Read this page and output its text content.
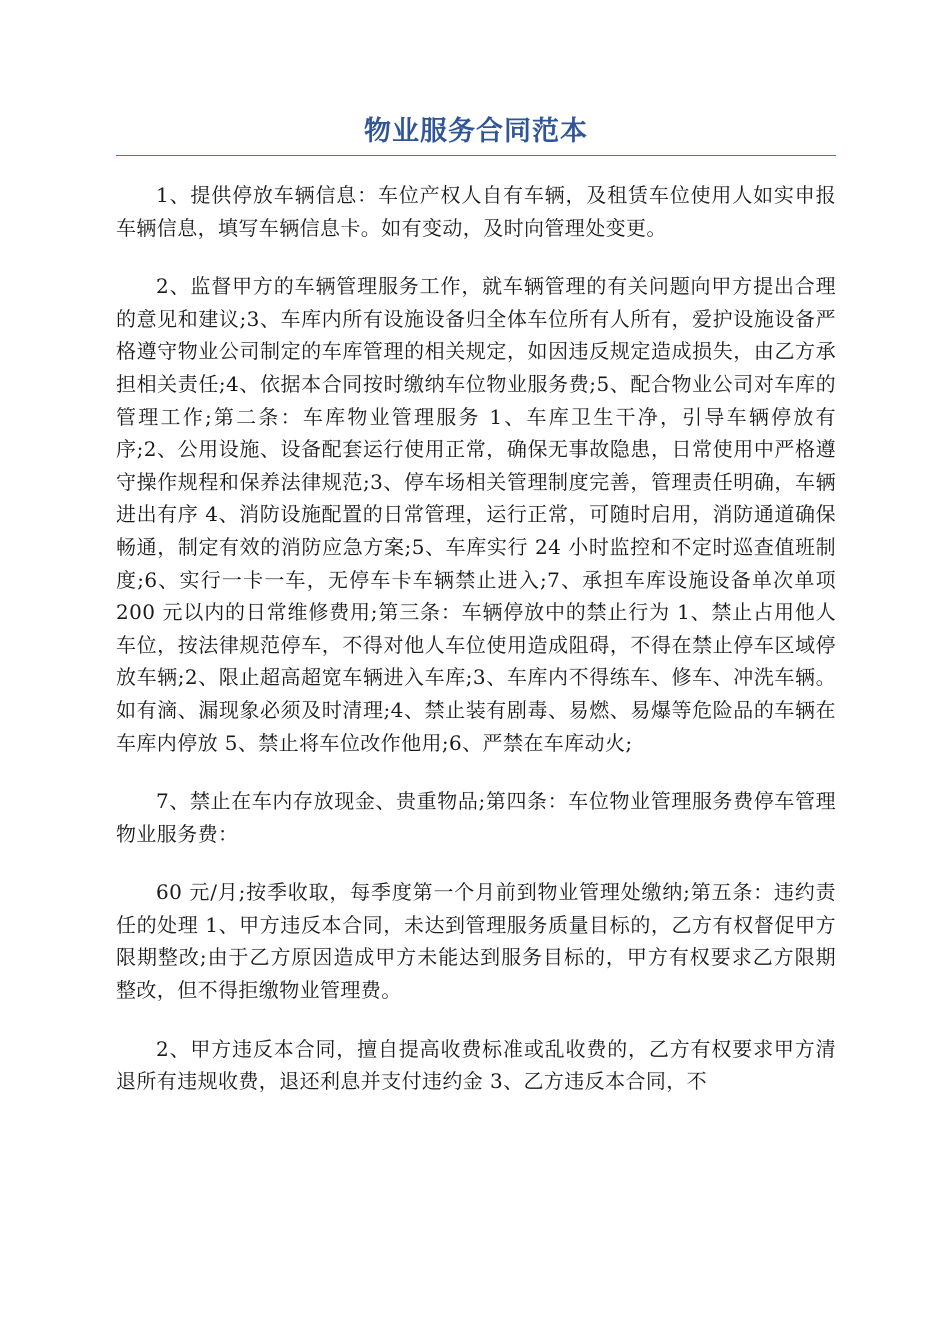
物业服务合同范本

1、提供停放车辆信息：车位产权人自有车辆，及租赁车位使用人如实申报车辆信息，填写车辆信息卡。如有变动，及时向管理处变更。

2、监督甲方的车辆管理服务工作，就车辆管理的有关问题向甲方提出合理的意见和建议;3、车库内所有设施设备归全体车位所有人所有，爱护设施设备严格遵守物业公司制定的车库管理的相关规定，如因违反规定造成损失，由乙方承担相关责任;4、依据本合同按时缴纳车位物业服务费;5、配合物业公司对车库的管理工作;第二条：车库物业管理服务 1、车库卫生干净，引导车辆停放有序;2、公用设施、设备配套运行使用正常，确保无事故隐患，日常使用中严格遵守操作规程和保养法律规范;3、停车场相关管理制度完善，管理责任明确，车辆进出有序 4、消防设施配置的日常管理，运行正常，可随时启用，消防通道确保畅通，制定有效的消防应急方案;5、车库实行 24 小时监控和不定时巡查值班制度;6、实行一卡一车，无停车卡车辆禁止进入;7、承担车库设施设备单次单项 200 元以内的日常维修费用;第三条：车辆停放中的禁止行为 1、禁止占用他人车位，按法律规范停车，不得对他人车位使用造成阻碍，不得在禁止停车区域停放车辆;2、限止超高超宽车辆进入车库;3、车库内不得练车、修车、冲洗车辆。如有滴、漏现象必须及时清理;4、禁止装有剧毒、易燃、易爆等危险品的车辆在车库内停放 5、禁止将车位改作他用;6、严禁在车库动火;

7、禁止在车内存放现金、贵重物品;第四条：车位物业管理服务费停车管理物业服务费：

60 元/月;按季收取，每季度第一个月前到物业管理处缴纳;第五条：违约责任的处理 1、甲方违反本合同，未达到管理服务质量目标的，乙方有权督促甲方限期整改;由于乙方原因造成甲方未能达到服务目标的，甲方有权要求乙方限期整改，但不得拒缴物业管理费。

2、甲方违反本合同，擅自提高收费标准或乱收费的，乙方有权要求甲方清退所有违规收费，退还利息并支付违约金 3、乙方违反本合同，不
